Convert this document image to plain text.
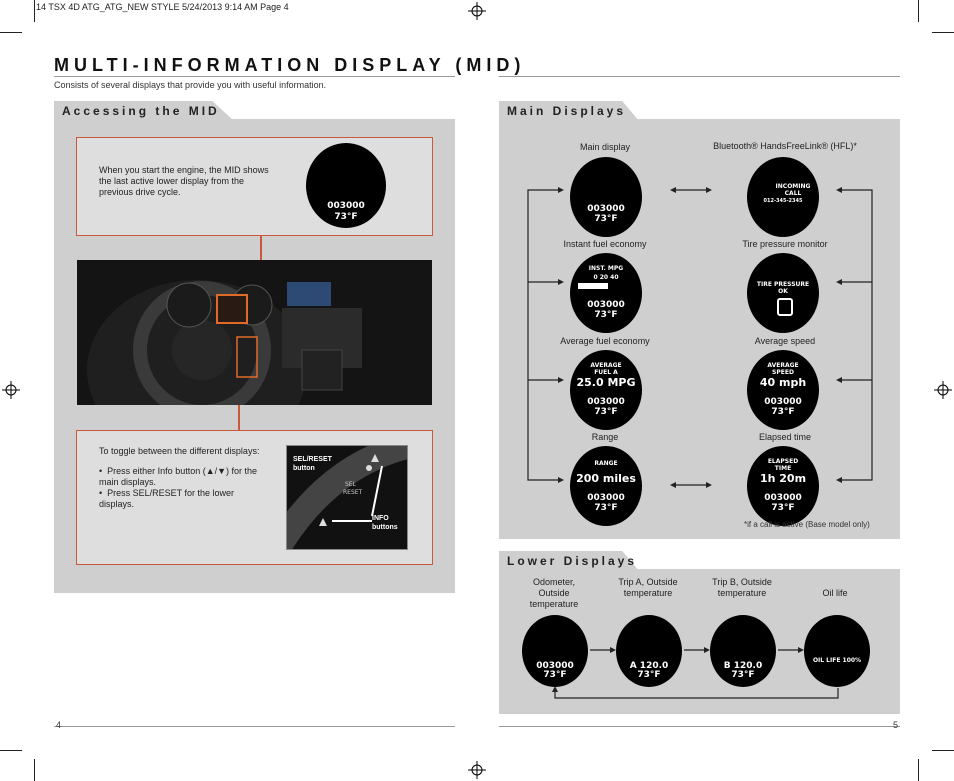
14 TSX 4D ATG_ATG_NEW STYLE 5/24/2013 9:14 AM Page 4
MULTI-INFORMATION DISPLAY (MID)
Consists of several displays that provide you with useful information.
Accessing the MID
When you start the engine, the MID shows the last active lower display from the previous drive cycle.
003000
73°F
To toggle between the different displays:
•  Press either Info button (▲/▼) for the main displays.
•  Press SEL/RESET for the lower displays.
SEL
RESET
SEL/RESET button
INFO buttons
Main Displays
Main display	Bluetooth® HandsFreeLink® (HFL)*
003000
73°F
INCOMING
CALL
012-345-2345
Instant fuel economy	Tire pressure monitor
INST. MPG
0 20 40
003000
73°F
TIRE PRESSURE
OK
Average fuel economy	Average speed
AVERAGE
FUEL A
25.0 MPG
003000
73°F
AVERAGE
SPEED
40 mph
003000
73°F
Range	Elapsed time
RANGE
200 miles
003000
73°F
ELAPSED
TIME
1h 20m
003000
73°F
*if a call is active (Base model only)
Lower Displays
Odometer, Outside temperature
Trip A, Outside temperature
Trip B, Outside temperature	Oil life
003000
73°F
A 120.0
73°F
B 120.0
73°F
OIL LIFE 100%
4	5
